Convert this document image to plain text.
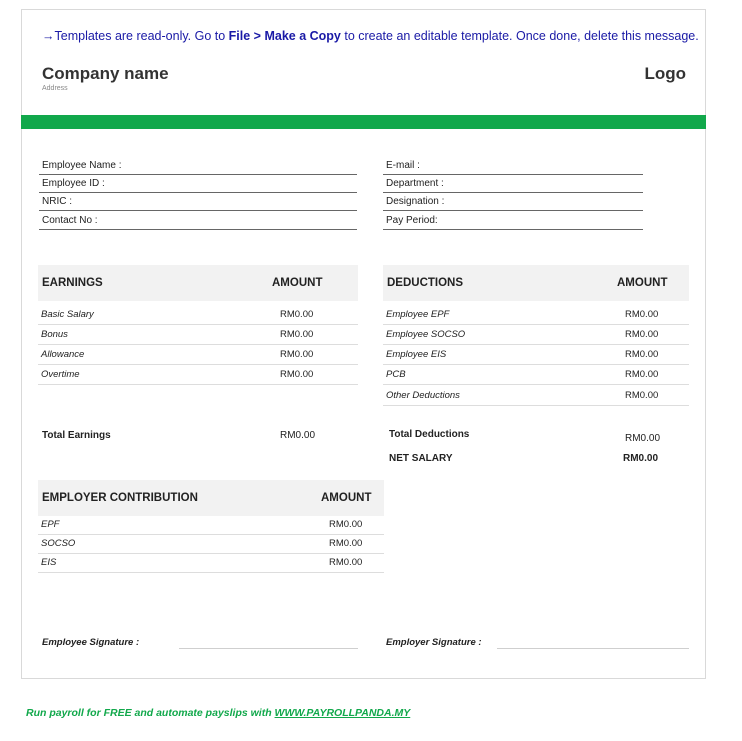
→Templates are read-only. Go to File > Make a Copy to create an editable template. Once done, delete this message.
Company name
Address
Logo
Employee Name :
Employee ID :
NRIC :
Contact No :
E-mail :
Department :
Designation :
Pay Period:
EARNINGS	AMOUNT
Basic Salary	RM0.00
Bonus	RM0.00
Allowance	RM0.00
Overtime	RM0.00
Total Earnings	RM0.00
DEDUCTIONS	AMOUNT
Employee EPF	RM0.00
Employee SOCSO	RM0.00
Employee EIS	RM0.00
PCB	RM0.00
Other Deductions	RM0.00
Total Deductions	RM0.00
NET SALARY	RM0.00
EMPLOYER CONTRIBUTION	AMOUNT
EPF	RM0.00
SOCSO	RM0.00
EIS	RM0.00
Employee Signature :	Employer Signature :
Run payroll for FREE and automate payslips with WWW.PAYROLLPANDA.MY
